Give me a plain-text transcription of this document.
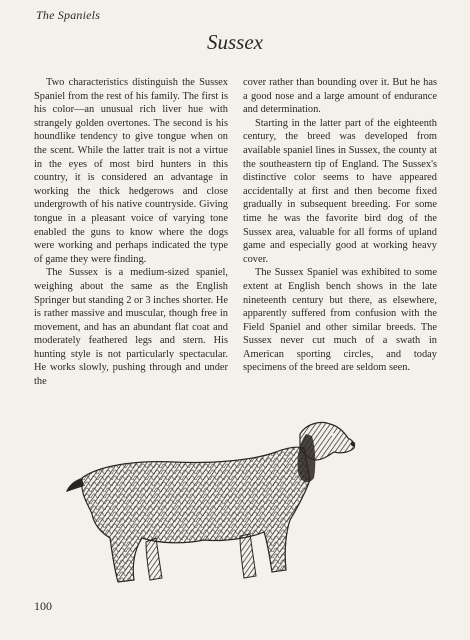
The Spaniels
Sussex

Two characteristics distinguish the Sussex Spaniel from the rest of his family. The first is his color—an unusual rich liver hue with strangely golden overtones. The second is his houndlike tendency to give tongue when on the scent. While the latter trait is not a virtue in the eyes of most bird hunters in this country, it is considered an advantage in working the thick hedgerows and close undergrowth of his native countryside. Giving tongue in a pleasant voice of varying tone enabled the guns to know where the dogs were working and perhaps indicated the type of game they were finding.

The Sussex is a medium-sized spaniel, weighing about the same as the English Springer but standing 2 or 3 inches shorter. He is rather massive and muscular, though free in movement, and has an abundant flat coat and moderately feathered legs and stern. His hunting style is not particularly spectacular. He works slowly, pushing through and under the

cover rather than bounding over it. But he has a good nose and a large amount of endurance and determination.

Starting in the latter part of the eighteenth century, the breed was developed from available spaniel lines in Sussex, the county at the southeastern tip of England. The Sussex's distinctive color seems to have appeared accidentally at first and then become fixed gradually in subsequent breeding. For some time he was the favorite bird dog of the Sussex area, valuable for all forms of upland game and especially good at working heavy cover.

The Sussex Spaniel was exhibited to some extent at English bench shows in the late nineteenth century but there, as elsewhere, apparently suffered from confusion with the Field Spaniel and other similar breeds. The Sussex never cut much of a swath in American sporting circles, and today specimens of the breed are seldom seen.

100
